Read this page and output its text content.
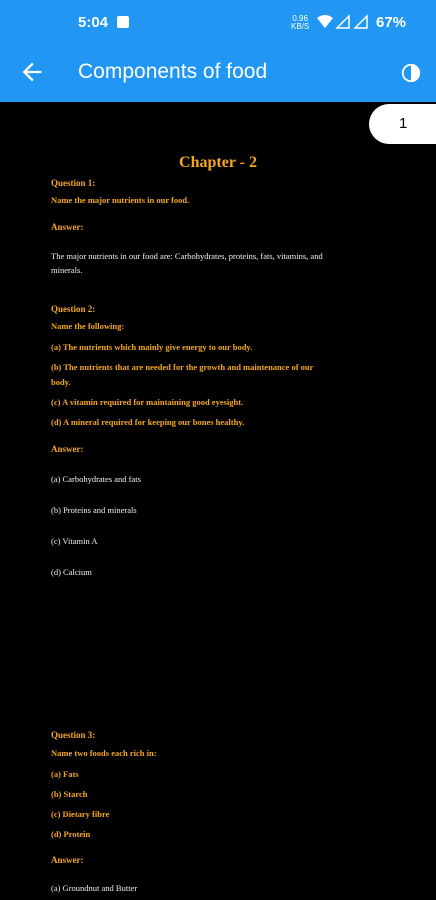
5:04	0.96
KB/S	67%
Components of food
1
Chapter - 2
Question 1:
Name the major nutrients in our food.
Answer:
The major nutrients in our food are: Carbohydrates, proteins, fats, vitamins, and
minerals.
Question 2:
Name the following:
(a) The nutrients which mainly give energy to our body.
(b) The nutrients that are needed for the growth and maintenance of our
body.
(c) A vitamin required for maintaining good eyesight.
(d) A mineral required for keeping our bones healthy.
Answer:
(a) Carbohydrates and fats
(b) Proteins and minerals
(c) Vitamin A
(d) Calcium
Question 3:
Name two foods each rich in:
(a) Fats
(b) Starch
(c) Dietary fibre
(d) Protein
Answer:
(a) Groundnut and Butter
